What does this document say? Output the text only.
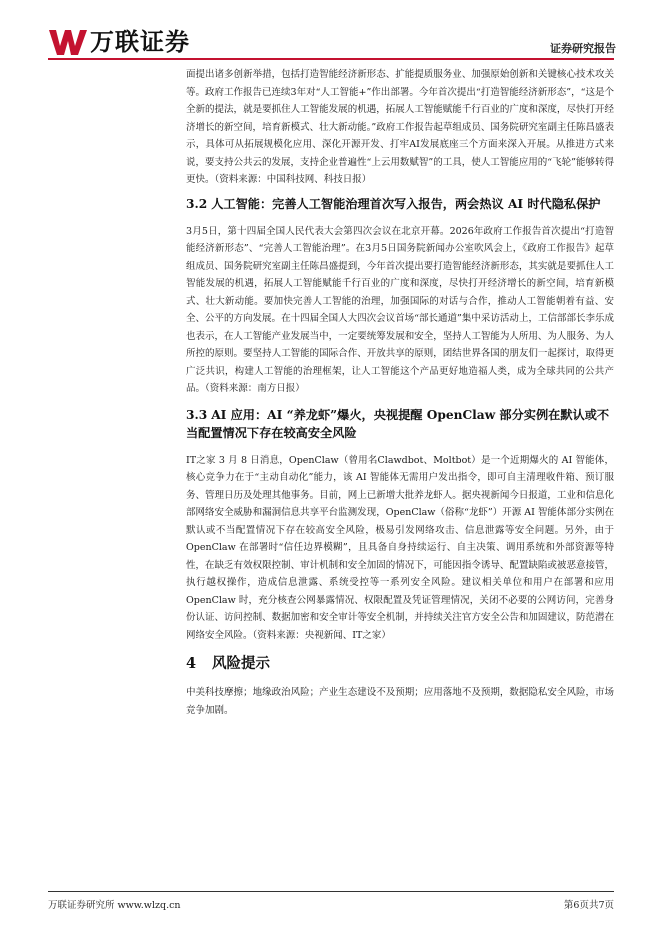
万联证券	证券研究报告

面提出诸多创新举措，包括打造智能经济新形态、扩能提质服务业、加强原始创新和关键核心技术攻关等。政府工作报告已连续3年对“人工智能+”作出部署。今年首次提出“打造智能经济新形态”，“这是个全新的提法，就是要抓住人工智能发展的机遇，拓展人工智能赋能千行百业的广度和深度，尽快打开经济增长的新空间，培育新模式、壮大新动能。”政府工作报告起草组成员、国务院研究室副主任陈昌盛表示，具体可从拓展规模化应用、深化开源开发、打牢AI发展底座三个方面来深入开展。从推进方式来说，要支持公共云的发展，支持企业普遍性“上云用数赋智”的工具，使人工智能应用的“飞轮”能够转得更快。（资料来源：中国科技网、科技日报）

3.2 人工智能：完善人工智能治理首次写入报告，两会热议 AI 时代隐私保护

3月5日，第十四届全国人民代表大会第四次会议在北京开幕。2026年政府工作报告首次提出“打造智能经济新形态”、“完善人工智能治理”。在3月5日国务院新闻办公室吹风会上，《政府工作报告》起草组成员、国务院研究室副主任陈昌盛提到，今年首次提出要打造智能经济新形态，其实就是要抓住人工智能发展的机遇，拓展人工智能赋能千行百业的广度和深度，尽快打开经济增长的新空间，培育新模式、壮大新动能。要加快完善人工智能的治理，加强国际的对话与合作，推动人工智能朝着有益、安全、公平的方向发展。在十四届全国人大四次会议首场“部长通道”集中采访活动上，工信部部长李乐成也表示，在人工智能产业发展当中，一定要统筹发展和安全，坚持人工智能为人所用、为人服务、为人所控的原则。要坚持人工智能的国际合作、开放共享的原则，团结世界各国的朋友们一起探讨，取得更广泛共识，构建人工智能的治理框架，让人工智能这个产品更好地造福人类，成为全球共同的公共产品。（资料来源：南方日报）

3.3 AI 应用：AI “养龙虾”爆火，央视提醒 OpenClaw 部分实例在默认或不当配置情况下存在较高安全风险

IT之家 3 月 8 日消息，OpenClaw（曾用名Clawdbot、Moltbot）是一个近期爆火的 AI 智能体，核心竞争力在于“主动自动化”能力，该 AI 智能体无需用户发出指令，即可自主清理收件箱、预订服务、管理日历及处理其他事务。目前，网上已新增大批养龙虾人。据央视新闻今日报道，工业和信息化部网络安全威胁和漏洞信息共享平台监测发现，OpenClaw（俗称“龙虾”）开源 AI 智能体部分实例在默认或不当配置情况下存在较高安全风险，极易引发网络攻击、信息泄露等安全问题。另外，由于 OpenClaw 在部署时“信任边界模糊”，且具备自身持续运行、自主决策、调用系统和外部资源等特性，在缺乏有效权限控制、审计机制和安全加固的情况下，可能因指令诱导、配置缺陷或被恶意接管，执行越权操作，造成信息泄露、系统受控等一系列安全风险。建议相关单位和用户在部署和应用 OpenClaw 时，充分核查公网暴露情况、权限配置及凭证管理情况，关闭不必要的公网访问，完善身份认证、访问控制、数据加密和安全审计等安全机制，并持续关注官方安全公告和加固建议，防范潜在网络安全风险。（资料来源：央视新闻、IT之家）

4 风险提示

中美科技摩擦；地缘政治风险；产业生态建设不及预期；应用落地不及预期，数据隐私安全风险，市场竞争加剧。

万联证券研究所 www.wlzq.cn	第6页共7页
